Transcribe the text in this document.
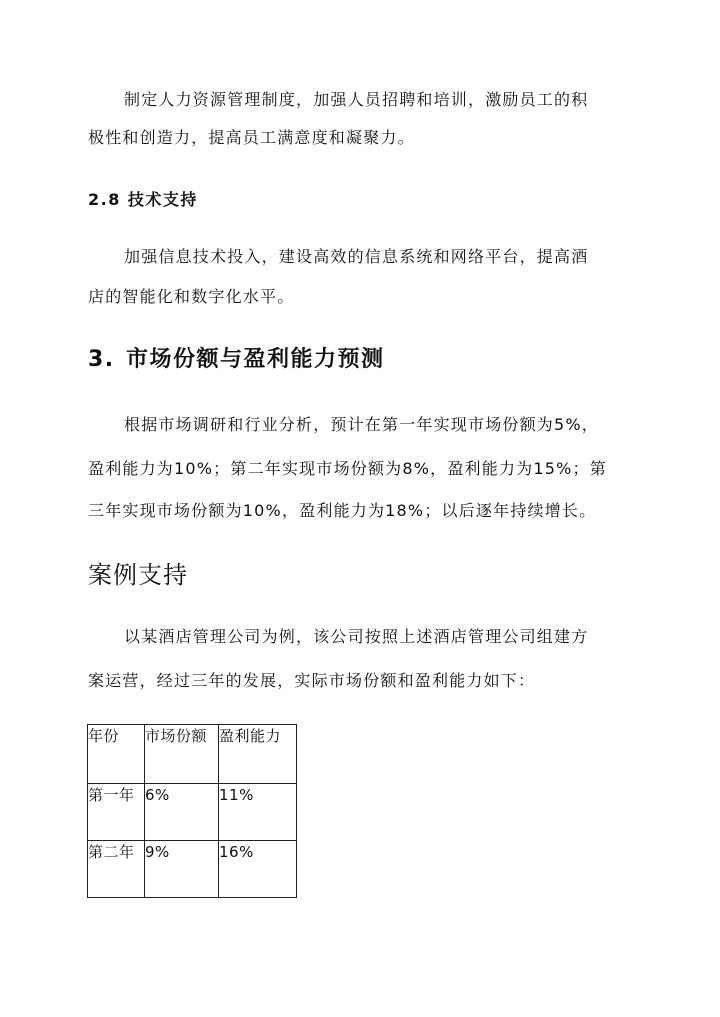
制定人力资源管理制度，加强人员招聘和培训，激励员工的积
极性和创造力，提高员工满意度和凝聚力。
2.8 技术支持
加强信息技术投入，建设高效的信息系统和网络平台，提高酒
店的智能化和数字化水平。
3. 市场份额与盈利能力预测
根据市场调研和行业分析，预计在第一年实现市场份额为5%，
盈利能力为10%；第二年实现市场份额为8%，盈利能力为15%；第
三年实现市场份额为10%，盈利能力为18%；以后逐年持续增长。
案例支持
以某酒店管理公司为例，该公司按照上述酒店管理公司组建方
案运营，经过三年的发展，实际市场份额和盈利能力如下：
年份	市场份额	盈利能力
第一年	6%	11%
第二年	9%	16%
